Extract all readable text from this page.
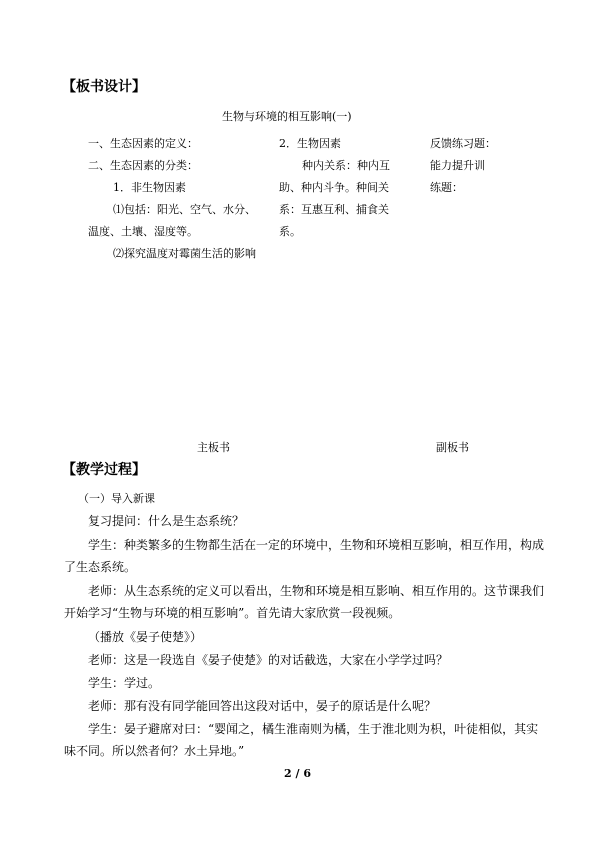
【板书设计】
生物与环境的相互影响(一)
一、生态因素的定义：
二、生态因素的分类：
1．非生物因素
⑴包括：阳光、空气、水分、
温度、土壤、湿度等。
⑵探究温度对霉菌生活的影响
2．生物因素
种内关系：种内互
助、种内斗争。种间关
系：互惠互利、捕食关
系。
反馈练习题：
能力提升训
练题：
主板书	副板书
【教学过程】
（一）导入新课
复习提问：什么是生态系统？
学生：种类繁多的生物都生活在一定的环境中，生物和环境相互影响，相互作用，构成
了生态系统。
老师：从生态系统的定义可以看出，生物和环境是相互影响、相互作用的。这节课我们
开始学习“生物与环境的相互影响”。首先请大家欣赏一段视频。
（播放《晏子使楚》）
老师：这是一段选自《晏子使楚》的对话截选，大家在小学学过吗？
学生：学过。
老师：那有没有同学能回答出这段对话中，晏子的原话是什么呢？
学生：晏子避席对曰：“婴闻之，橘生淮南则为橘，生于淮北则为枳，叶徒相似，其实
味不同。所以然者何？水土异地。”
2 / 6
